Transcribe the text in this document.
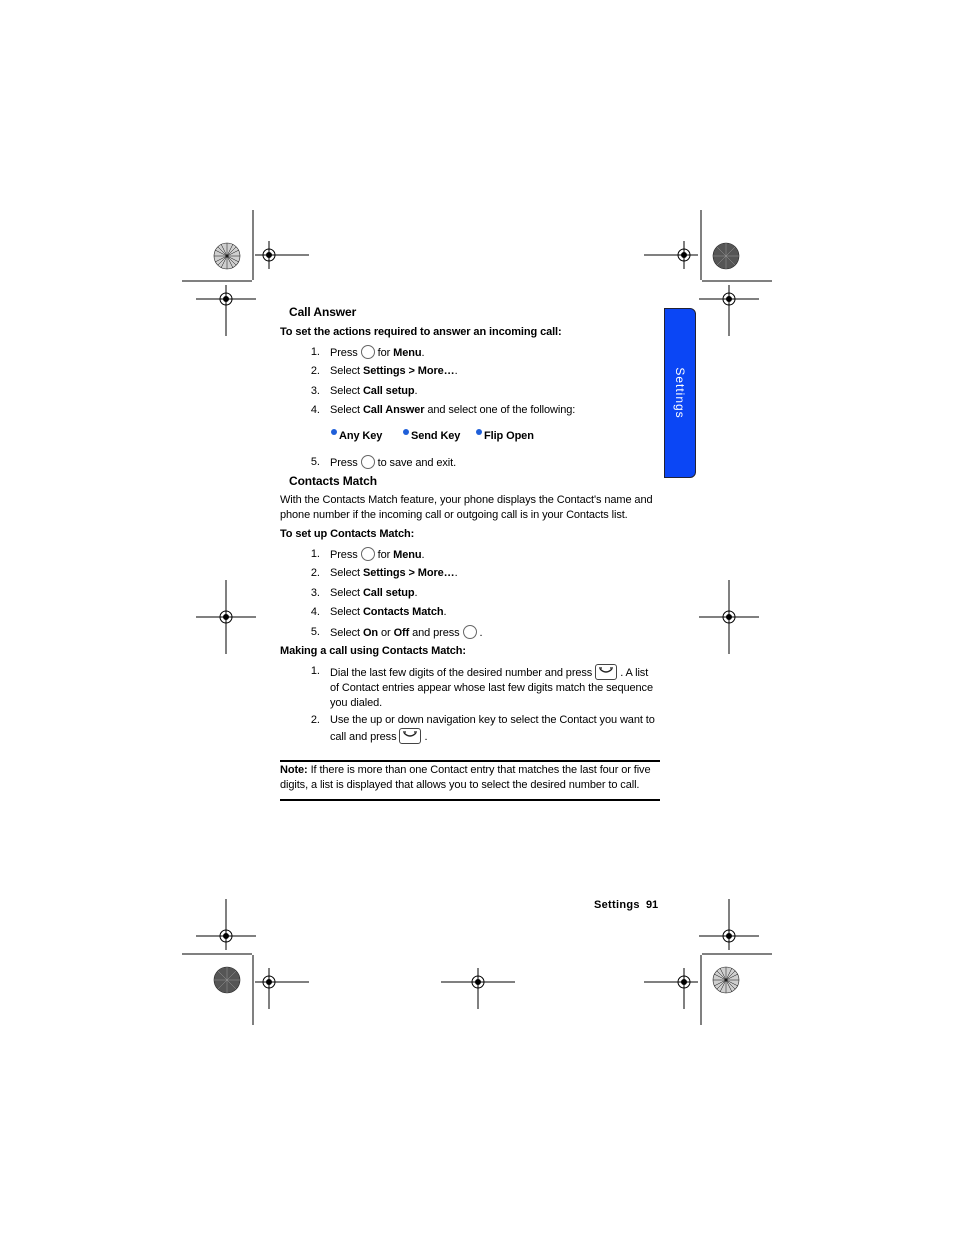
Settings
Call Answer
To set the actions required to answer an incoming call:
1. Press for Menu.
2. Select Settings > More….
3. Select Call setup.
4. Select Call Answer and select one of the following:
Any Key	Send Key	Flip Open
5. Press to save and exit.
Contacts Match
With the Contacts Match feature, your phone displays the Contact's name and phone number if the incoming call or outgoing call is in your Contacts list.
To set up Contacts Match:
1. Press for Menu.
2. Select Settings > More….
3. Select Call setup.
4. Select Contacts Match.
5. Select On or Off and press .
Making a call using Contacts Match:
1. Dial the last few digits of the desired number and press	. A list of Contact entries appear whose last few digits match the sequence you dialed.
2. Use the up or down navigation key to select the Contact you want to call and press	.
Note: If there is more than one Contact entry that matches the last four or five digits, a list is displayed that allows you to select the desired number to call.
Settings 91
